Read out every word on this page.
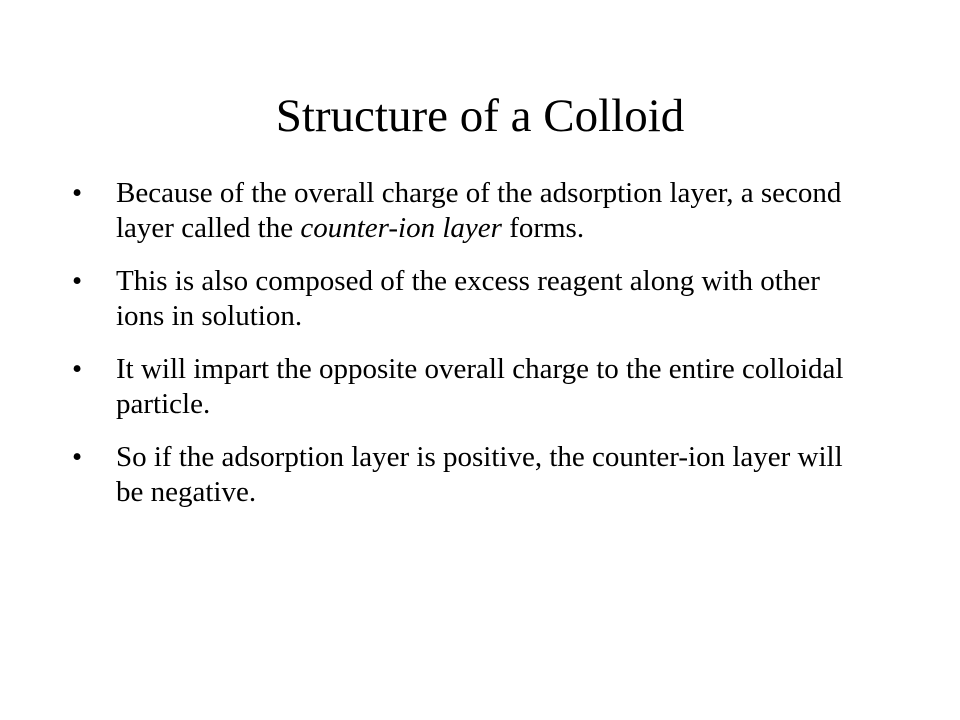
Structure of a Colloid
•	Because of the overall charge of the adsorption layer, a second layer called the counter-ion layer forms.
•	This is also composed of the excess reagent along with other ions in solution.
•	It will impart the opposite overall charge to the entire colloidal particle.
•	So if the adsorption layer is positive, the counter-ion layer will be negative.
